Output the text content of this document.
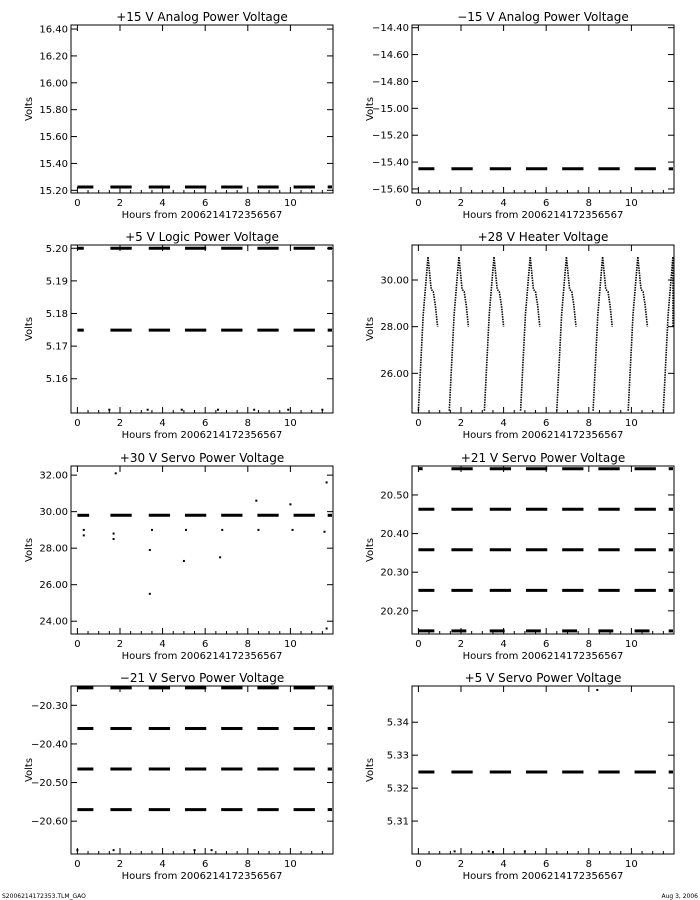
+15 V Analog Power Voltage
0	2	4	6	8	10
15.20
15.40
15.60
15.80
16.00
16.20
16.40
Hours from 2006214172356567
Volts
−15 V Analog Power Voltage
0	2	4	6	8	10
−15.60
−15.40
−15.20
−15.00
−14.80
−14.60
−14.40
Hours from 2006214172356567
Volts
+5 V Logic Power Voltage
0	2	4	6	8	10
5.16
5.17
5.18
5.19
5.20
Hours from 2006214172356567
Volts
+28 V Heater Voltage
0	2	4	6	8	10
26.00
28.00
30.00
Hours from 2006214172356567
Volts
+30 V Servo Power Voltage
0	2	4	6	8	10
24.00
26.00
28.00
30.00
32.00
Hours from 2006214172356567
Volts
+21 V Servo Power Voltage
0	2	4	6	8	10
20.20
20.30
20.40
20.50
Hours from 2006214172356567
Volts
−21 V Servo Power Voltage
0	2	4	6	8	10
−20.60
−20.50
−20.40
−20.30
Hours from 2006214172356567
Volts
+5 V Servo Power Voltage
0	2	4	6	8	10
5.31
5.32
5.33
5.34
Hours from 2006214172356567
Volts
S2006214172353.TLM_GAO	Aug 3, 2006
